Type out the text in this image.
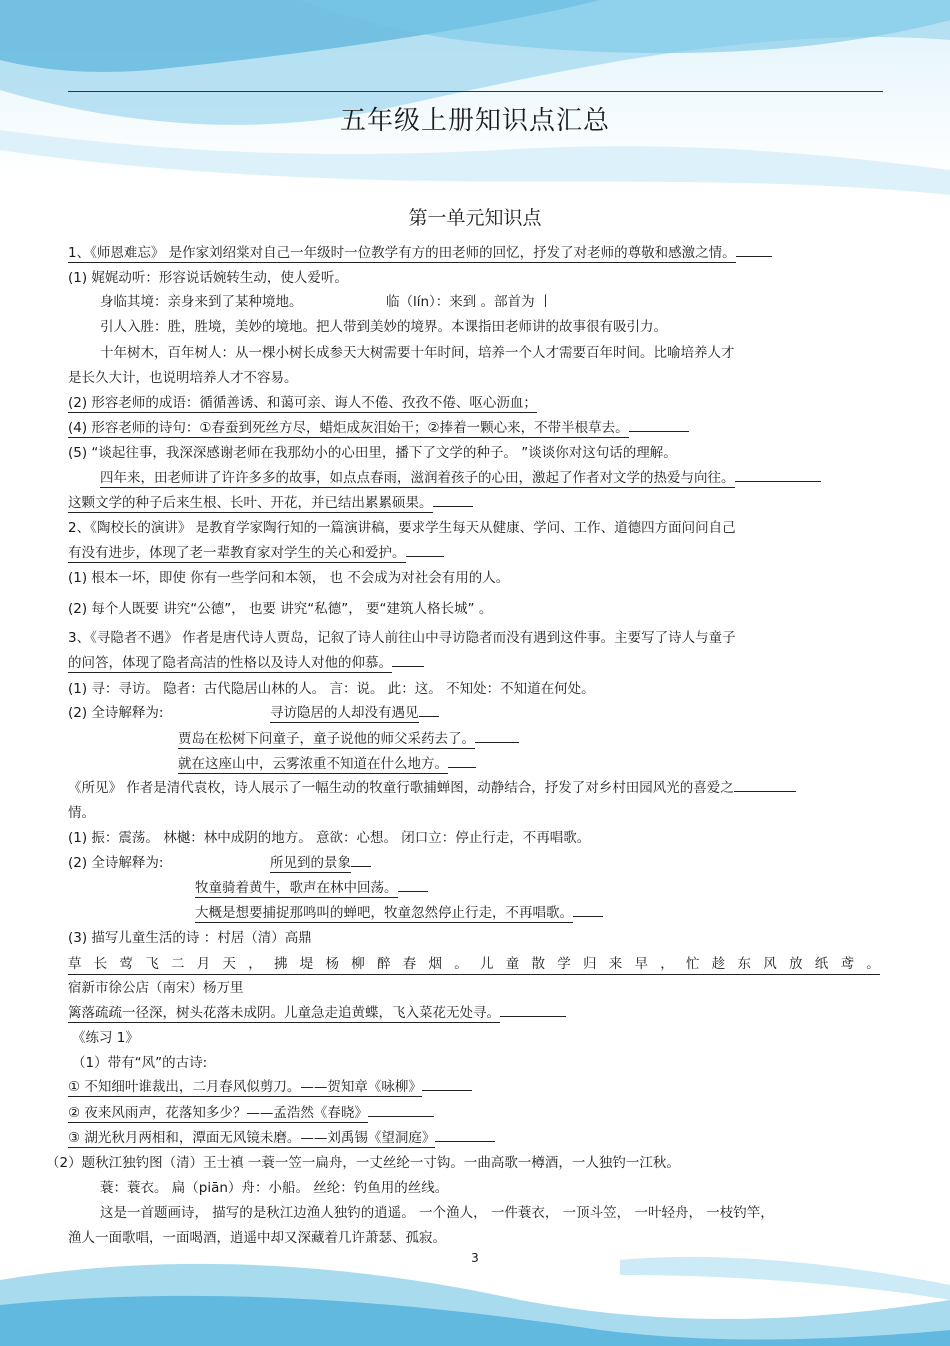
五年级上册知识点汇总
第一单元知识点
1、《师恩难忘》 是作家刘绍棠对自己一年级时一位教学有方的田老师的回忆，抒发了对老师的尊敬和感激之情。
(1) 娓娓动听：形容说话婉转生动，使人爱听。
身临其境：亲身来到了某种境地。	临（lín）：来到 。部首为 丨
引人入胜：胜，胜境，美妙的境地。把人带到美妙的境界。本课指田老师讲的故事很有吸引力。
十年树木，百年树人：从一棵小树长成参天大树需要十年时间，培养一个人才需要百年时间。比喻培养人才
是长久大计，也说明培养人才不容易。
(2) 形容老师的成语：循循善诱、和蔼可亲、诲人不倦、孜孜不倦、呕心沥血；
(4) 形容老师的诗句：①春蚕到死丝方尽，蜡炬成灰泪始干；②捧着一颗心来，不带半根草去。
(5) “谈起往事，我深深感谢老师在我那幼小的心田里，播下了文学的种子。 ”谈谈你对这句话的理解。
四年来，田老师讲了许许多多的故事，如点点春雨，滋润着孩子的心田，激起了作者对文学的热爱与向往。
这颗文学的种子后来生根、长叶、开花，并已结出累累硕果。
2、《陶校长的演讲》 是教育学家陶行知的一篇演讲稿，要求学生每天从健康、学问、工作、道德四方面问问自己
有没有进步，体现了老一辈教育家对学生的关心和爱护。
(1) 根本一坏，即使 你有一些学问和本领， 也 不会成为对社会有用的人。
(2) 每个人既要 讲究“公德”， 也要 讲究“私德”， 要“建筑人格长城” 。
3、《寻隐者不遇》 作者是唐代诗人贾岛，记叙了诗人前往山中寻访隐者而没有遇到这件事。主要写了诗人与童子
的问答，体现了隐者高洁的性格以及诗人对他的仰慕。
(1) 寻：寻访。 隐者：古代隐居山林的人。 言：说。 此：这。 不知处：不知道在何处。
(2) 全诗解释为:	寻访隐居的人却没有遇见
贾岛在松树下问童子，童子说他的师父采药去了。
就在这座山中，云雾浓重不知道在什么地方。
《所见》 作者是清代袁枚，诗人展示了一幅生动的牧童行歌捕蝉图，动静结合，抒发了对乡村田园风光的喜爱之
情。
(1) 振：震荡。 林樾：林中成阴的地方。 意欲：心想。 闭口立：停止行走，不再唱歌。
(2) 全诗解释为:	所见到的景象
牧童骑着黄牛，歌声在林中回荡。
大概是想要捕捉那鸣叫的蝉吧，牧童忽然停止行走，不再唱歌。
(3) 描写儿童生活的诗 ：村居（清）高鼎
草 长 莺 飞 二 月 天 ， 拂 堤 杨 柳 醉 春 烟 。 儿 童 散 学 归 来 早 ， 忙 趁 东 风 放 纸 鸢 。
宿新市徐公店（南宋）杨万里
篱落疏疏一径深，树头花落未成阴。儿童急走追黄蝶，飞入菜花无处寻。
《练习 1》
（1）带有“风”的古诗:
① 不知细叶谁裁出，二月春风似剪刀。——贺知章《咏柳》
② 夜来风雨声，花落知多少？——孟浩然《春晓》
③ 湖光秋月两相和，潭面无风镜未磨。——刘禹锡《望洞庭》
（2）题秋江独钓图（清）王士禛 一蓑一笠一扁舟，一丈丝纶一寸钩。一曲高歌一樽酒，一人独钓一江秋。
蓑：蓑衣。 扁（piān）舟：小船。 丝纶：钓鱼用的丝线。
这是一首题画诗， 描写的是秋江边渔人独钓的逍遥。 一个渔人， 一件蓑衣， 一顶斗笠， 一叶轻舟， 一枝钓竿，
渔人一面歌唱，一面喝酒，逍遥中却又深藏着几许萧瑟、孤寂。
3
